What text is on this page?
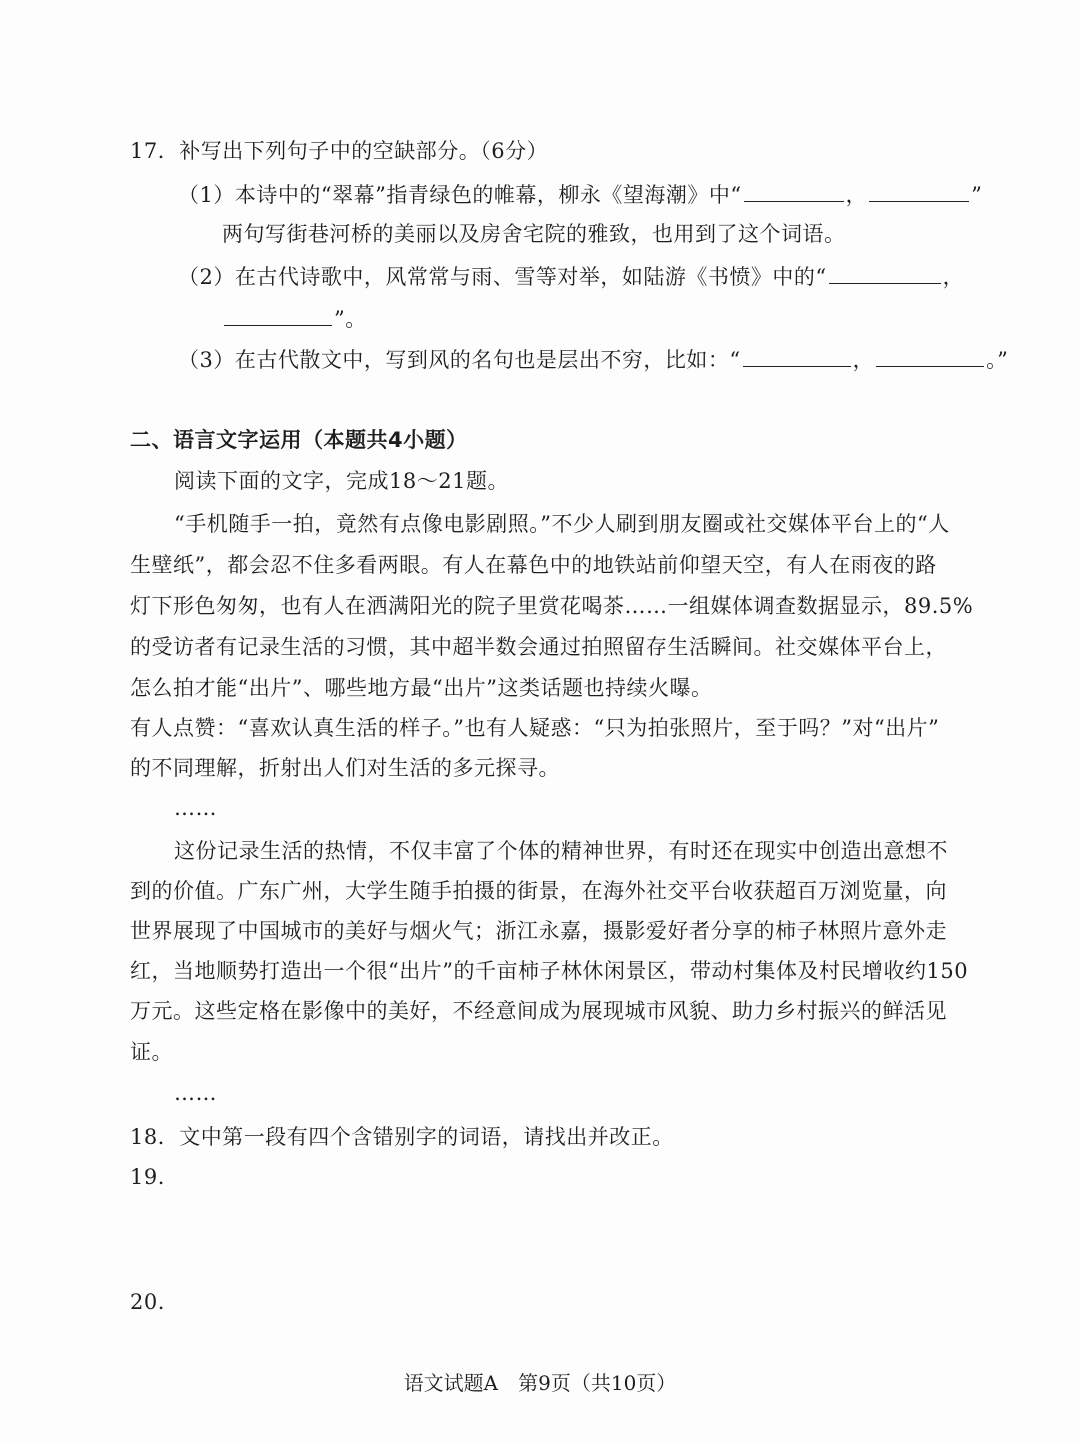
17．补写出下列句子中的空缺部分。（6分）
（1）本诗中的“翠幕”指青绿色的帷幕，柳永《望海潮》中“	，	”
两句写街巷河桥的美丽以及房舍宅院的雅致，也用到了这个词语。
（2）在古代诗歌中，风常常与雨、雪等对举，如陆游《书愤》中的“	，
”。
（3）在古代散文中，写到风的名句也是层出不穷，比如：“	，	。”
二、语言文字运用（本题共4小题）
阅读下面的文字，完成18～21题。
“手机随手一拍，竟然有点像电影剧照。”不少人刷到朋友圈或社交媒体平台上的“人
生壁纸”，都会忍不住多看两眼。有人在幕色中的地铁站前仰望天空，有人在雨夜的路
灯下形色匆匆，也有人在洒满阳光的院子里赏花喝茶……一组媒体调查数据显示，89.5%
的受访者有记录生活的习惯，其中超半数会通过拍照留存生活瞬间。社交媒体平台上，
怎么拍才能“出片”、哪些地方最“出片”这类话题也持续火曝。
有人点赞：“喜欢认真生活的样子。”也有人疑惑：“只为拍张照片，至于吗？”对“出片”
的不同理解，折射出人们对生活的多元探寻。
……
这份记录生活的热情，不仅丰富了个体的精神世界，有时还在现实中创造出意想不
到的价值。广东广州，大学生随手拍摄的街景，在海外社交平台收获超百万浏览量，向
世界展现了中国城市的美好与烟火气；浙江永嘉，摄影爱好者分享的柿子林照片意外走
红，当地顺势打造出一个很“出片”的千亩柿子林休闲景区，带动村集体及村民增收约150
万元。这些定格在影像中的美好，不经意间成为展现城市风貌、助力乡村振兴的鲜活见
证。
……
18．文中第一段有四个含错别字的词语，请找出并改正。
19.
20.
语文试题A　第9页（共10页）
